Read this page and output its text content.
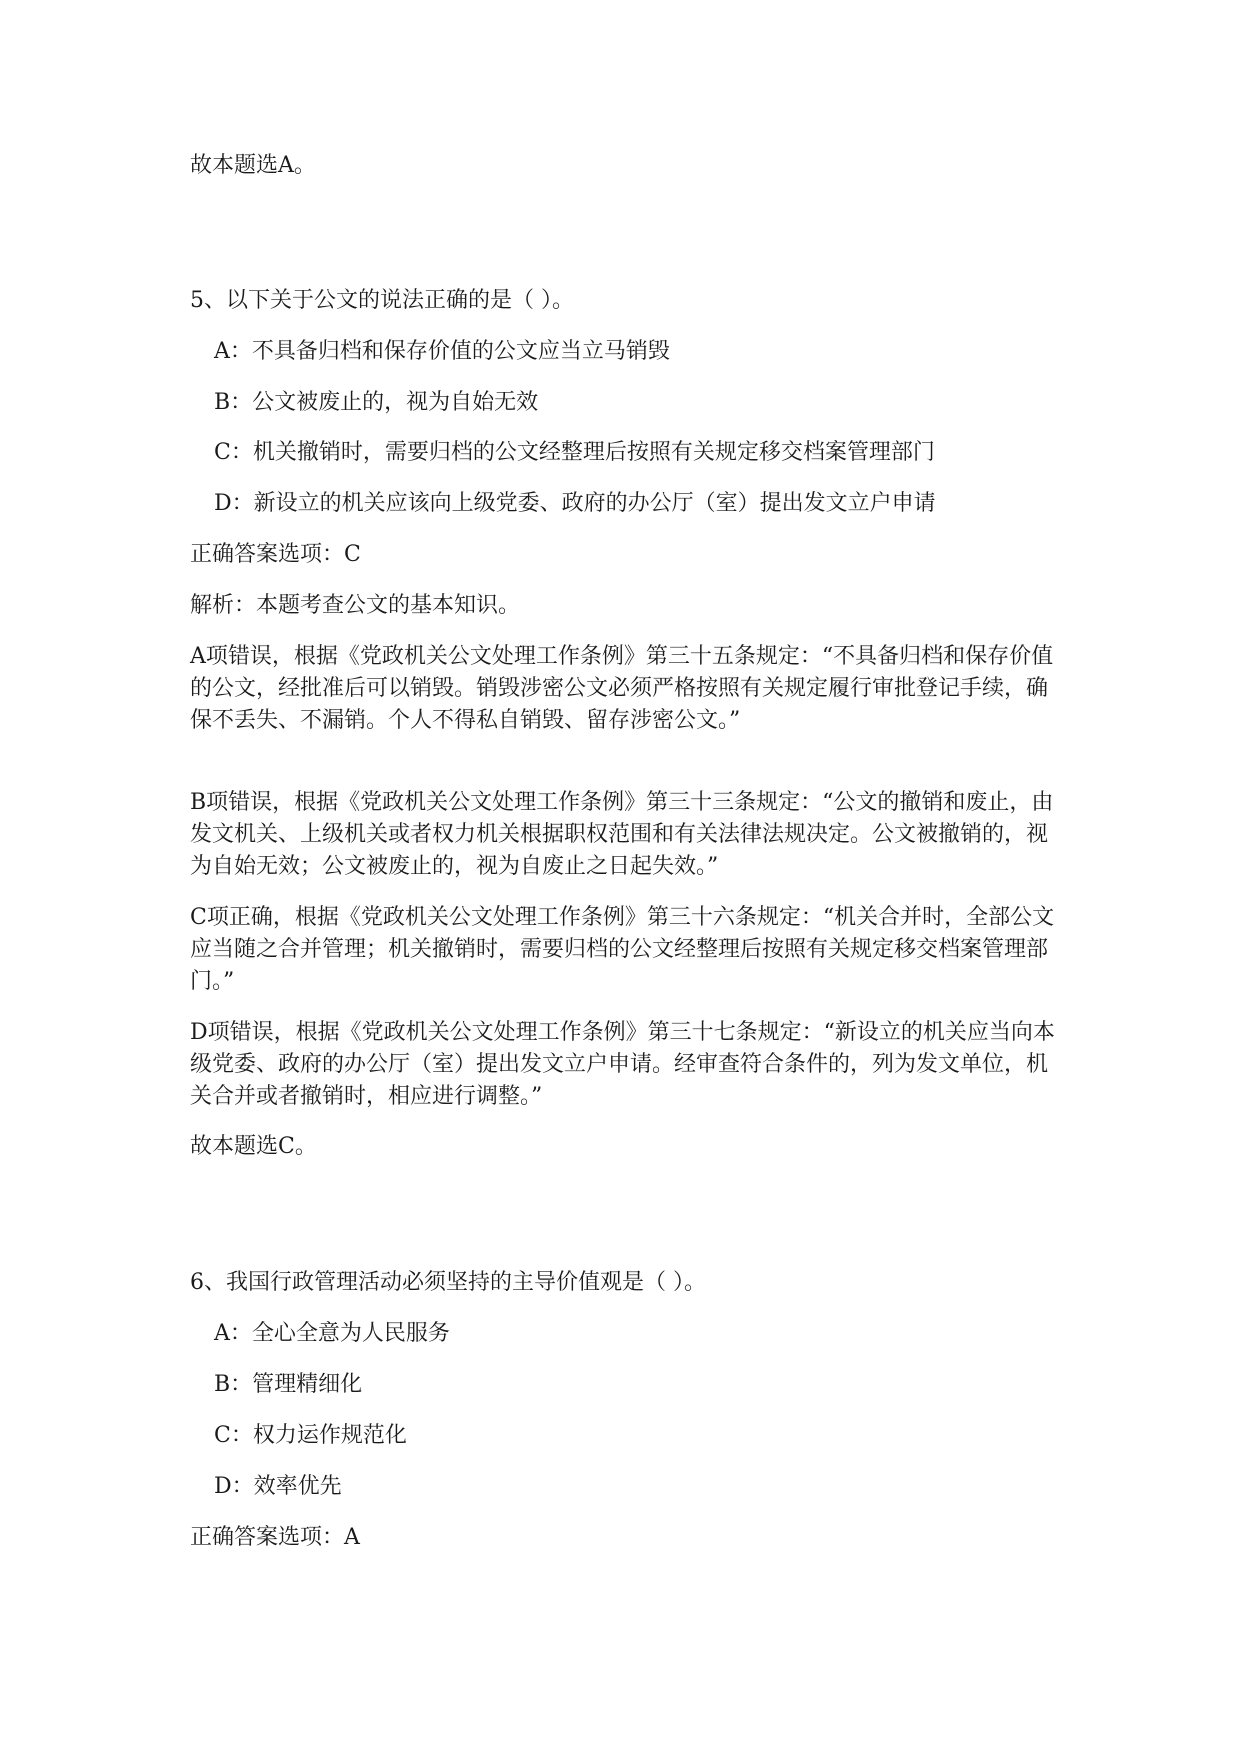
故本题选A。
5、以下关于公文的说法正确的是（ ）。
A：不具备归档和保存价值的公文应当立马销毁
B：公文被废止的，视为自始无效
C：机关撤销时，需要归档的公文经整理后按照有关规定移交档案管理部门
D：新设立的机关应该向上级党委、政府的办公厅（室）提出发文立户申请
正确答案选项：C
解析：本题考查公文的基本知识。
A项错误，根据《党政机关公文处理工作条例》第三十五条规定：“不具备归档和保存价值的公文，经批准后可以销毁。销毁涉密公文必须严格按照有关规定履行审批登记手续，确保不丢失、不漏销。个人不得私自销毁、留存涉密公文。”
B项错误，根据《党政机关公文处理工作条例》第三十三条规定：“公文的撤销和废止，由发文机关、上级机关或者权力机关根据职权范围和有关法律法规决定。公文被撤销的，视为自始无效；公文被废止的，视为自废止之日起失效。”
C项正确，根据《党政机关公文处理工作条例》第三十六条规定：“机关合并时，全部公文应当随之合并管理；机关撤销时，需要归档的公文经整理后按照有关规定移交档案管理部门。”
D项错误，根据《党政机关公文处理工作条例》第三十七条规定：“新设立的机关应当向本级党委、政府的办公厅（室）提出发文立户申请。经审查符合条件的，列为发文单位，机关合并或者撤销时，相应进行调整。”
故本题选C。
6、我国行政管理活动必须坚持的主导价值观是（ ）。
A：全心全意为人民服务
B：管理精细化
C：权力运作规范化
D：效率优先
正确答案选项：A
